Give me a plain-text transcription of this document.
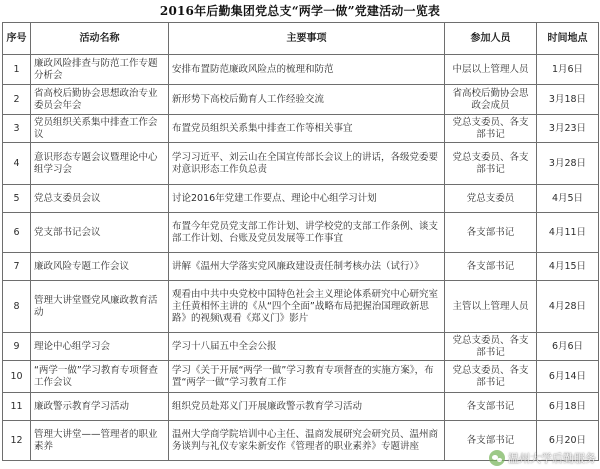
2016年后勤集团党总支“两学一做”党建活动一览表
序号	活动名称	主要事项	参加人员	时间地点
1	廉政风险排查与防范工作专题分析会	安排布置防范廉政风险点的梳理和防范	中层以上管理人员	1月6日
2	省高校后勤协会思想政治专业委员会年会	新形势下高校后勤育人工作经验交流	省高校后勤协会思政会成员	3月18日
3	党员组织关系集中排查工作会议	布置党员组织关系集中排查工作等相关事宜	党总支委员、各支部书记	3月23日
4	意识形态专题会议暨理论中心组学习会	学习习近平、刘云山在全国宣传部长会议上的讲话，各级党委要对意识形态工作负总责	党总支委员、各支部书记	3月28日
5	党总支委员会议	讨论2016年党建工作要点、理论中心组学习计划	党总支委员	4月5日
6	党支部书记会议	布置今年党员党支部工作计划、讲学校党的支部工作条例、谈支部工作计划、台账及党员发展等工作事宜	各支部书记	4月11日
7	廉政风险专题工作会议	讲解《温州大学落实党风廉政建设责任制考核办法（试行）》	各支部书记	4月15日
8	管理大讲堂暨党风廉政教育活动	观看由中共中央党校中国特色社会主义理论体系研究中心研究室主任黄相怀主讲的《从“四个全面”战略布局把握治国理政新思路》的视频\观看《郑义门》影片	主管以上管理人员	4月28日
9	理论中心组学习会	学习十八届五中全会公报	党总支委员、各支部书记	6月6日
10	“两学一做”学习教育专项督查工作会议	学习《关于开展“两学一做”学习教育专项督查的实施方案》，布置“两学一做”学习教育工作	党总支委员、各支部书记	6月14日
11	廉政警示教育学习活动	组织党员赴郑义门开展廉政警示教育学习活动	各支部书记	6月18日
12	管理大讲堂——管理者的职业素养	温州大学商学院培训中心主任、温商发展研究会研究员、温州商务谈判与礼仪专家朱新安作《管理者的职业素养》专题讲座	各支部书记	6月20日
温州大学后勤服务
